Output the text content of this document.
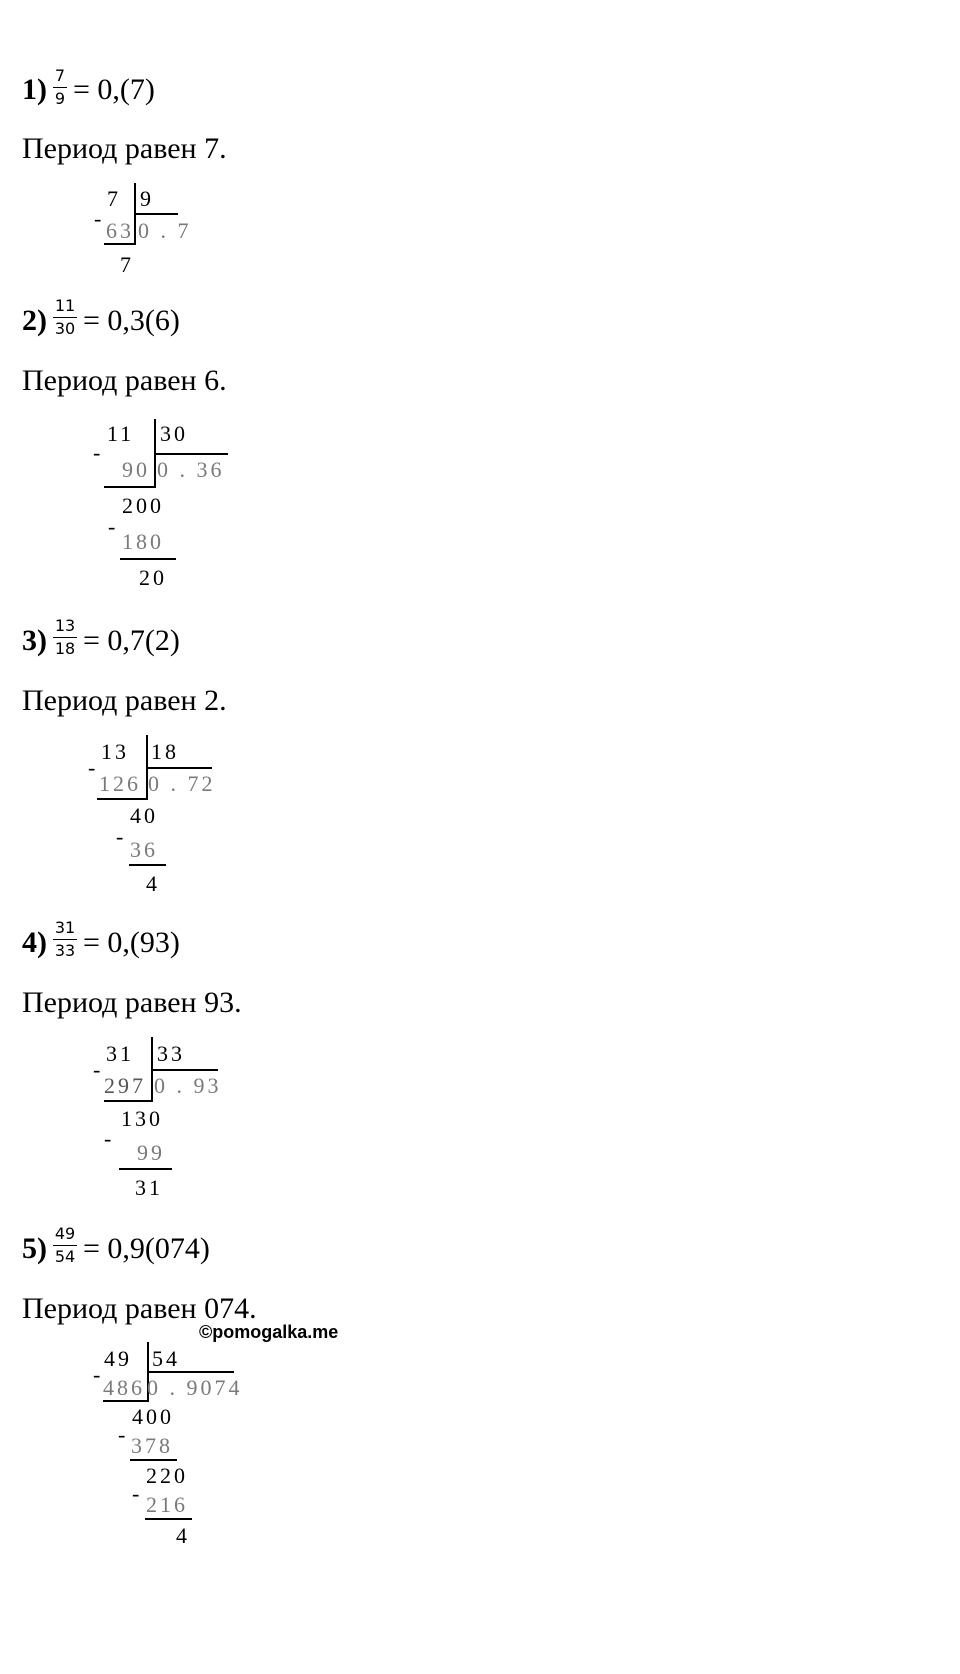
1) 7
9 = 0,(7)
Период равен 7.
7 9
- 63 0 . 7
7
2) 11
30 = 0,3(6)
Период равен 6.
11 30
-
90 0 . 36
200
-
180
20
3) 13
18 = 0,7(2)
Период равен 2.
13 18
-
126 0 . 72
40
-
36
4
4) 31
33 = 0,(93)
Период равен 93.
31 33
-
297 0 . 93
130
-
99
31
5) 49
54 = 0,9(074)
Период равен 074.
©pomogalka.me
49 54
-
486 0 . 9074
400
- 378
220
- 216
4
